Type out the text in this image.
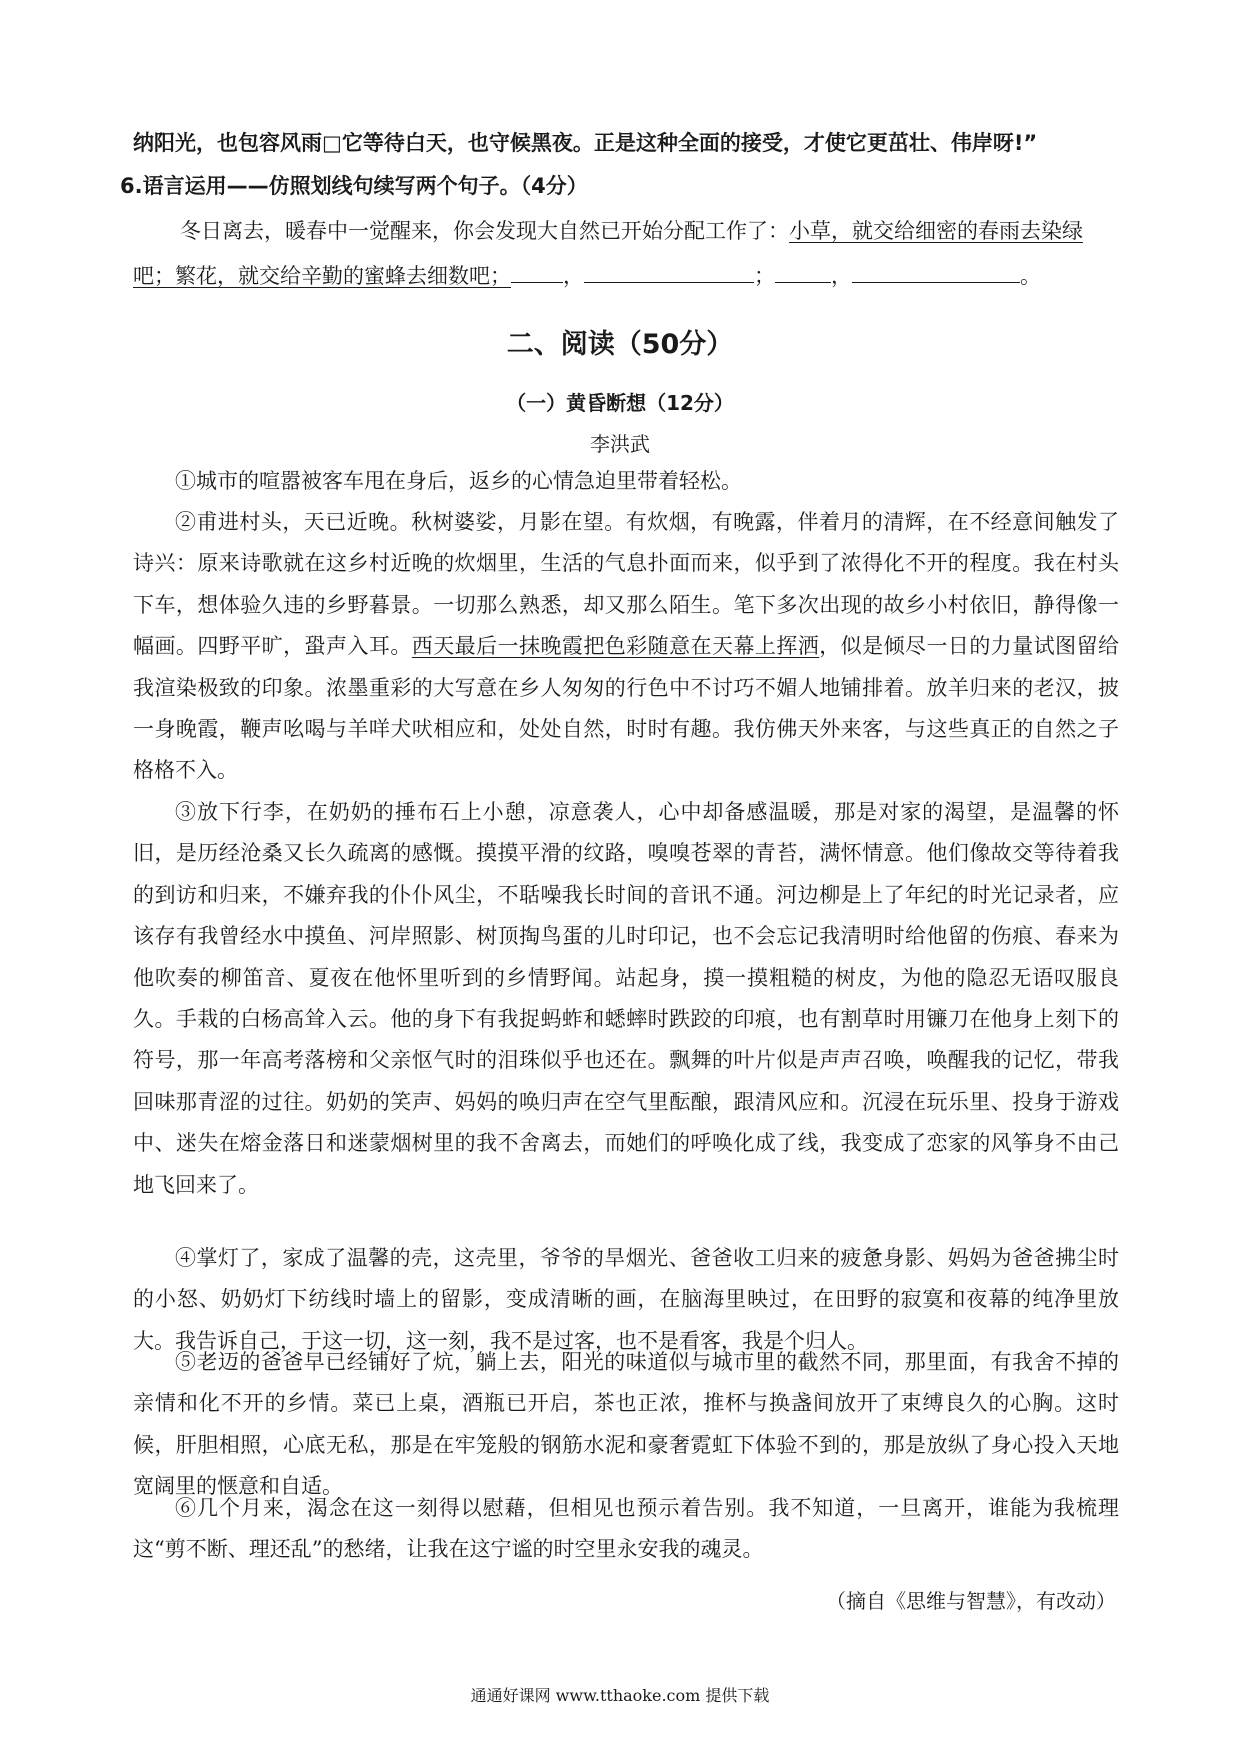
纳阳光，也包容风雨□它等待白天，也守候黑夜。正是这种全面的接受，才使它更茁壮、伟岸呀!”
6.语言运用——仿照划线句续写两个句子。（4分）
冬日离去，暖春中一觉醒来，你会发现大自然已开始分配工作了：小草，就交给细密的春雨去染绿
吧；繁花，就交给辛勤的蜜蜂去细数吧； ，	；	，	。
二、阅读（50分）
（一）黄昏断想（12分）
李洪武

①城市的喧嚣被客车甩在身后，返乡的心情急迫里带着轻松。

②甫进村头，天已近晚。秋树婆娑，月影在望。有炊烟，有晚露，伴着月的清辉，在不经意间触发了诗兴：原来诗歌就在这乡村近晚的炊烟里，生活的气息扑面而来，似乎到了浓得化不开的程度。我在村头下车，想体验久违的乡野暮景。一切那么熟悉，却又那么陌生。笔下多次出现的故乡小村依旧，静得像一幅画。四野平旷，蛩声入耳。西天最后一抹晚霞把色彩随意在天幕上挥洒，似是倾尽一日的力量试图留给我渲染极致的印象。浓墨重彩的大写意在乡人匆匆的行色中不讨巧不媚人地铺排着。放羊归来的老汉，披一身晚霞，鞭声吆喝与羊咩犬吠相应和，处处自然，时时有趣。我仿佛天外来客，与这些真正的自然之子格格不入。

③放下行李，在奶奶的捶布石上小憩，凉意袭人，心中却备感温暖，那是对家的渴望，是温馨的怀旧，是历经沧桑又长久疏离的感慨。摸摸平滑的纹路，嗅嗅苍翠的青苔，满怀情意。他们像故交等待着我的到访和归来，不嫌弃我的仆仆风尘，不聒噪我长时间的音讯不通。河边柳是上了年纪的时光记录者，应该存有我曾经水中摸鱼、河岸照影、树顶掏鸟蛋的儿时印记，也不会忘记我清明时给他留的伤痕、春来为他吹奏的柳笛音、夏夜在他怀里听到的乡情野闻。站起身，摸一摸粗糙的树皮，为他的隐忍无语叹服良久。手栽的白杨高耸入云。他的身下有我捉蚂蚱和蟋蟀时跌跤的印痕，也有割草时用镰刀在他身上刻下的符号，那一年高考落榜和父亲怄气时的泪珠似乎也还在。飘舞的叶片似是声声召唤，唤醒我的记忆，带我回味那青涩的过往。奶奶的笑声、妈妈的唤归声在空气里酝酿，跟清风应和。沉浸在玩乐里、投身于游戏中、迷失在熔金落日和迷蒙烟树里的我不舍离去，而她们的呼唤化成了线，我变成了恋家的风筝身不由己地飞回来了。

④掌灯了，家成了温馨的壳，这壳里，爷爷的旱烟光、爸爸收工归来的疲惫身影、妈妈为爸爸拂尘时的小怒、奶奶灯下纺线时墙上的留影，变成清晰的画，在脑海里映过，在田野的寂寞和夜幕的纯净里放大。我告诉自己，于这一切，这一刻，我不是过客，也不是看客，我是个归人。

⑤老迈的爸爸早已经铺好了炕，躺上去，阳光的味道似与城市里的截然不同，那里面，有我舍不掉的亲情和化不开的乡情。菜已上桌，酒瓶已开启，茶也正浓，推杯与换盏间放开了束缚良久的心胸。这时候，肝胆相照，心底无私，那是在牢笼般的钢筋水泥和豪奢霓虹下体验不到的，那是放纵了身心投入天地宽阔里的惬意和自适。

⑥几个月来，渴念在这一刻得以慰藉，但相见也预示着告别。我不知道，一旦离开，谁能为我梳理这“剪不断、理还乱”的愁绪，让我在这宁谧的时空里永安我的魂灵。

（摘自《思维与智慧》，有改动）
通通好课网 www.tthaoke.com 提供下载
